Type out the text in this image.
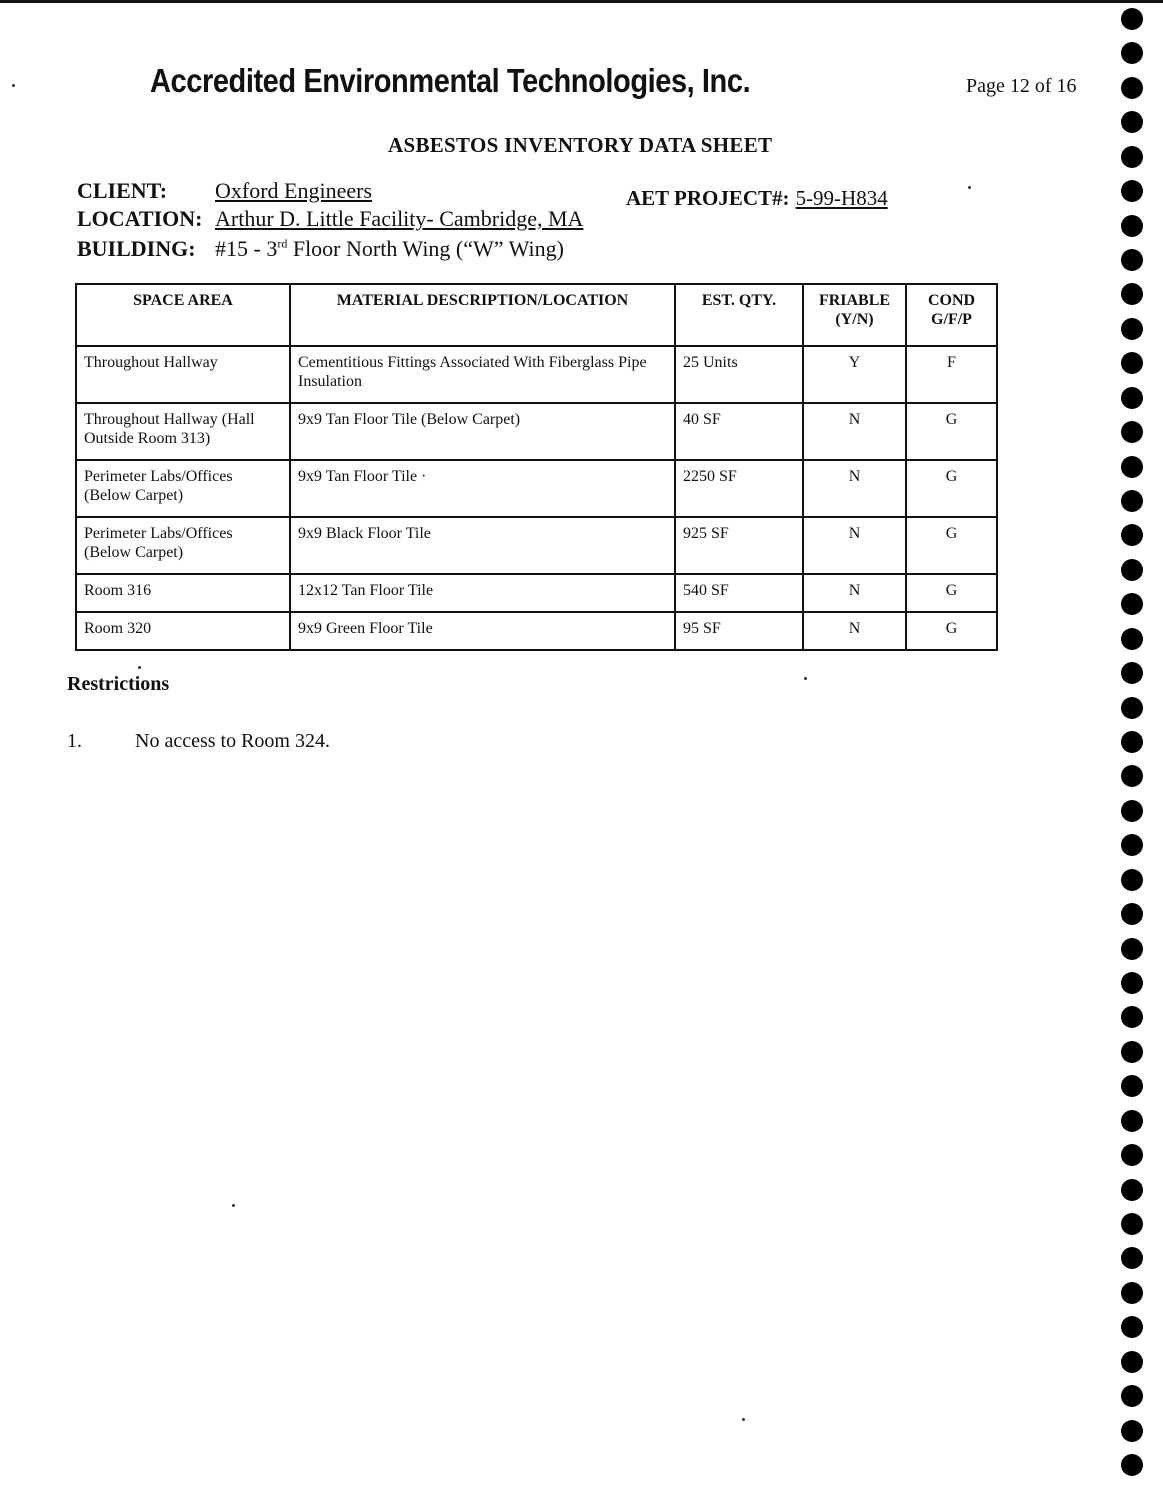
Accredited Environmental Technologies, Inc.	Page 12 of 16
ASBESTOS INVENTORY DATA SHEET
CLIENT: Oxford Engineers
LOCATION: Arthur D. Little Facility- Cambridge, MA
BUILDING: #15 - 3rd Floor North Wing (“W” Wing)
AET PROJECT#: 5-99-H834
SPACE AREA	MATERIAL DESCRIPTION/LOCATION	EST. QTY.	FRIABLE (Y/N)	COND G/F/P
Throughout Hallway	Cementitious Fittings Associated With Fiberglass Pipe Insulation	25 Units	Y	F
Throughout Hallway (Hall Outside Room 313)	9x9 Tan Floor Tile (Below Carpet)	40 SF	N	G
Perimeter Labs/Offices (Below Carpet)	9x9 Tan Floor Tile ·	2250 SF	N	G
Perimeter Labs/Offices (Below Carpet)	9x9 Black Floor Tile	925 SF	N	G
Room 316	12x12 Tan Floor Tile	540 SF	N	G
Room 320	9x9 Green Floor Tile	95 SF	N	G
Restrictions
1.	No access to Room 324.
